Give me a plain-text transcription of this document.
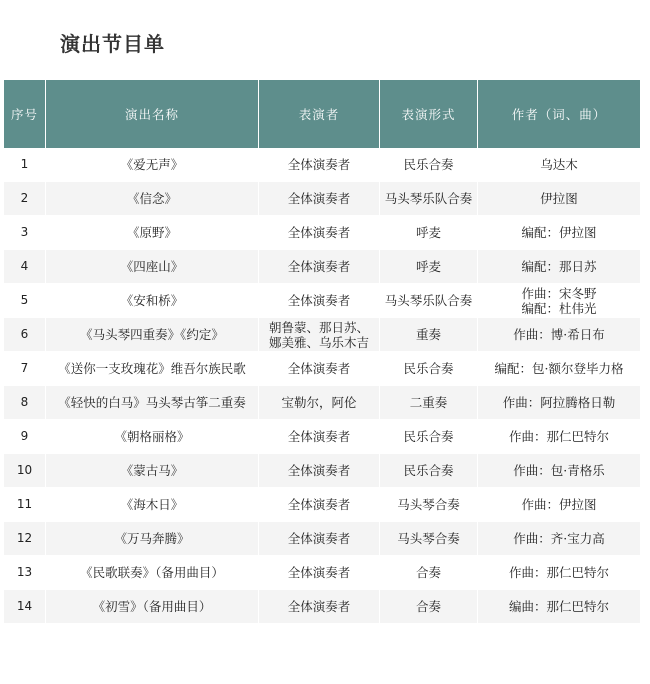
演出节目单
序号	演出名称	表演者	表演形式	作者（词、曲）
1	《爱无声》	全体演奏者	民乐合奏	乌达木

2	《信念》	全体演奏者	马头琴乐队合奏	伊拉图

3	《原野》	全体演奏者	呼麦	编配：伊拉图

4	《四座山》	全体演奏者	呼麦	编配：那日苏

5	《安和桥》	全体演奏者	马头琴乐队合奏	作曲：宋冬野
编配：杜伟光

6	《马头琴四重奏》《约定》	朝鲁蒙、那日苏、
娜美雅、乌乐木吉	重奏	作曲：博·希日布

7	《送你一支玫瑰花》维吾尔族民歌	全体演奏者	民乐合奏	编配：包·额尔登毕力格

8	《轻快的白马》马头琴古筝二重奏	宝勒尔，阿伦	二重奏	作曲：阿拉腾格日勒

9	《朝格丽格》	全体演奏者	民乐合奏	作曲：那仁巴特尔

10	《蒙古马》	全体演奏者	民乐合奏	作曲：包·青格乐

11	《海木日》	全体演奏者	马头琴合奏	作曲：伊拉图

12	《万马奔腾》	全体演奏者	马头琴合奏	作曲：齐·宝力高

13	《民歌联奏》（备用曲目）	全体演奏者	合奏	作曲：那仁巴特尔

14	《初雪》（备用曲目）	全体演奏者	合奏	编曲：那仁巴特尔
